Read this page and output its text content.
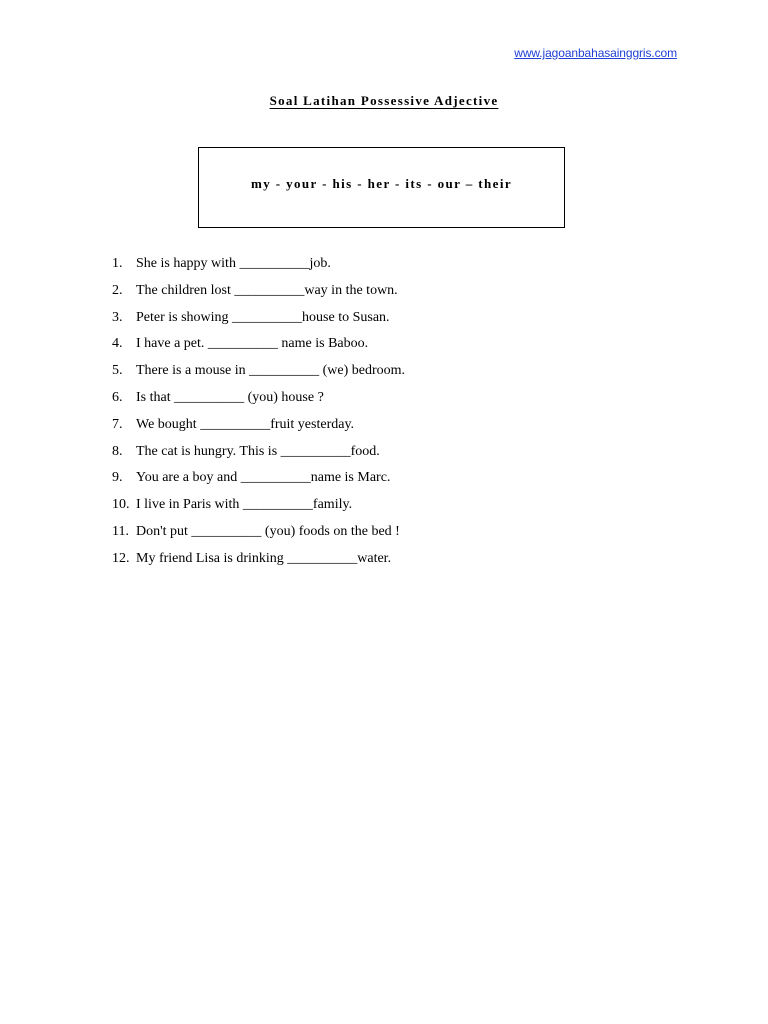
www.jagoanbahasainggris.com
Soal Latihan Possessive Adjective
my - your - his - her - its - our – their
1. She is happy with __________job.
2. The children lost __________way in the town.
3. Peter is showing __________house to Susan.
4. I have a pet. __________ name is Baboo.
5. There is a mouse in __________ (we) bedroom.
6. Is that __________ (you) house ?
7. We bought __________fruit yesterday.
8. The cat is hungry. This is __________food.
9. You are a boy and __________name is Marc.
10. I live in Paris with __________family.
11. Don't put __________ (you) foods on the bed !
12. My friend Lisa is drinking __________water.
